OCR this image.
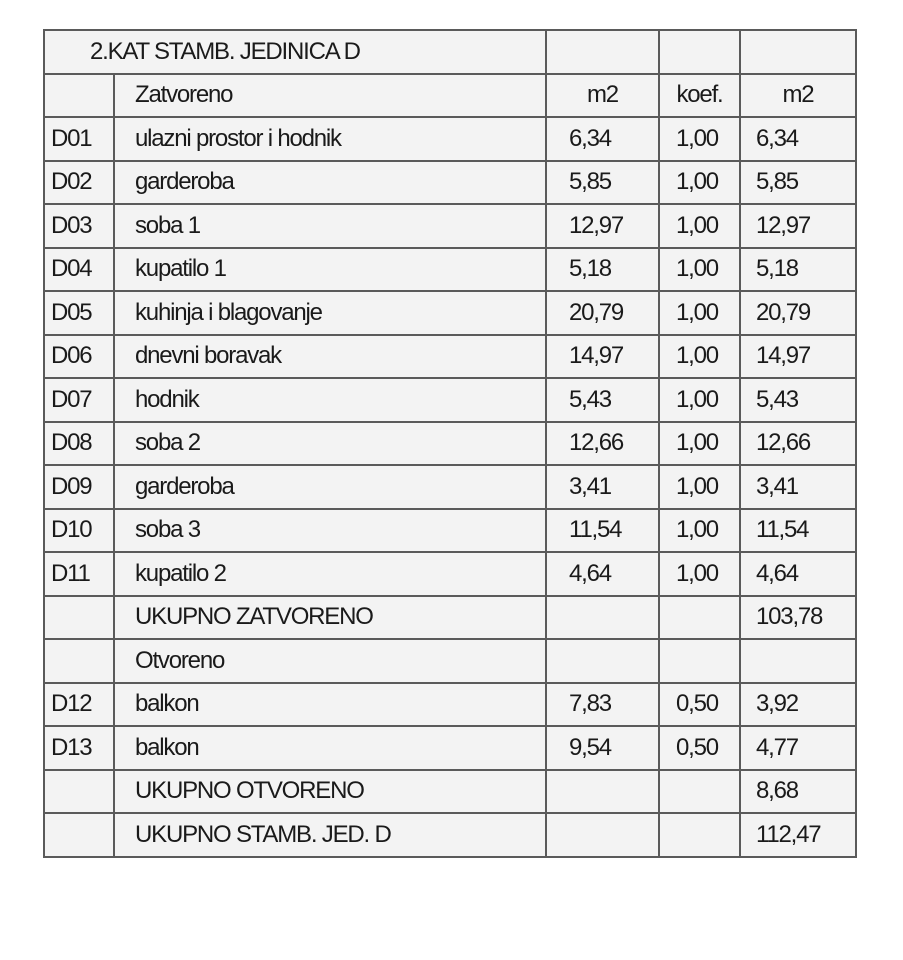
2.KAT STAMB. JEDINICA D				
	Zatvoreno	m2	koef.	m2
D01	ulazni prostor i hodnik	6,34	1,00	6,34
D02	garderoba	5,85	1,00	5,85
D03	soba 1	12,97	1,00	12,97
D04	kupatilo 1	5,18	1,00	5,18
D05	kuhinja i blagovanje	20,79	1,00	20,79
D06	dnevni boravak	14,97	1,00	14,97
D07	hodnik	5,43	1,00	5,43
D08	soba 2	12,66	1,00	12,66
D09	garderoba	3,41	1,00	3,41
D10	soba 3	11,54	1,00	11,54
D11	kupatilo 2	4,64	1,00	4,64
	UKUPNO ZATVORENO			103,78
	Otvoreno			
D12	balkon	7,83	0,50	3,92
D13	balkon	9,54	0,50	4,77
	UKUPNO OTVORENO			8,68
	UKUPNO STAMB. JED. D			112,47
